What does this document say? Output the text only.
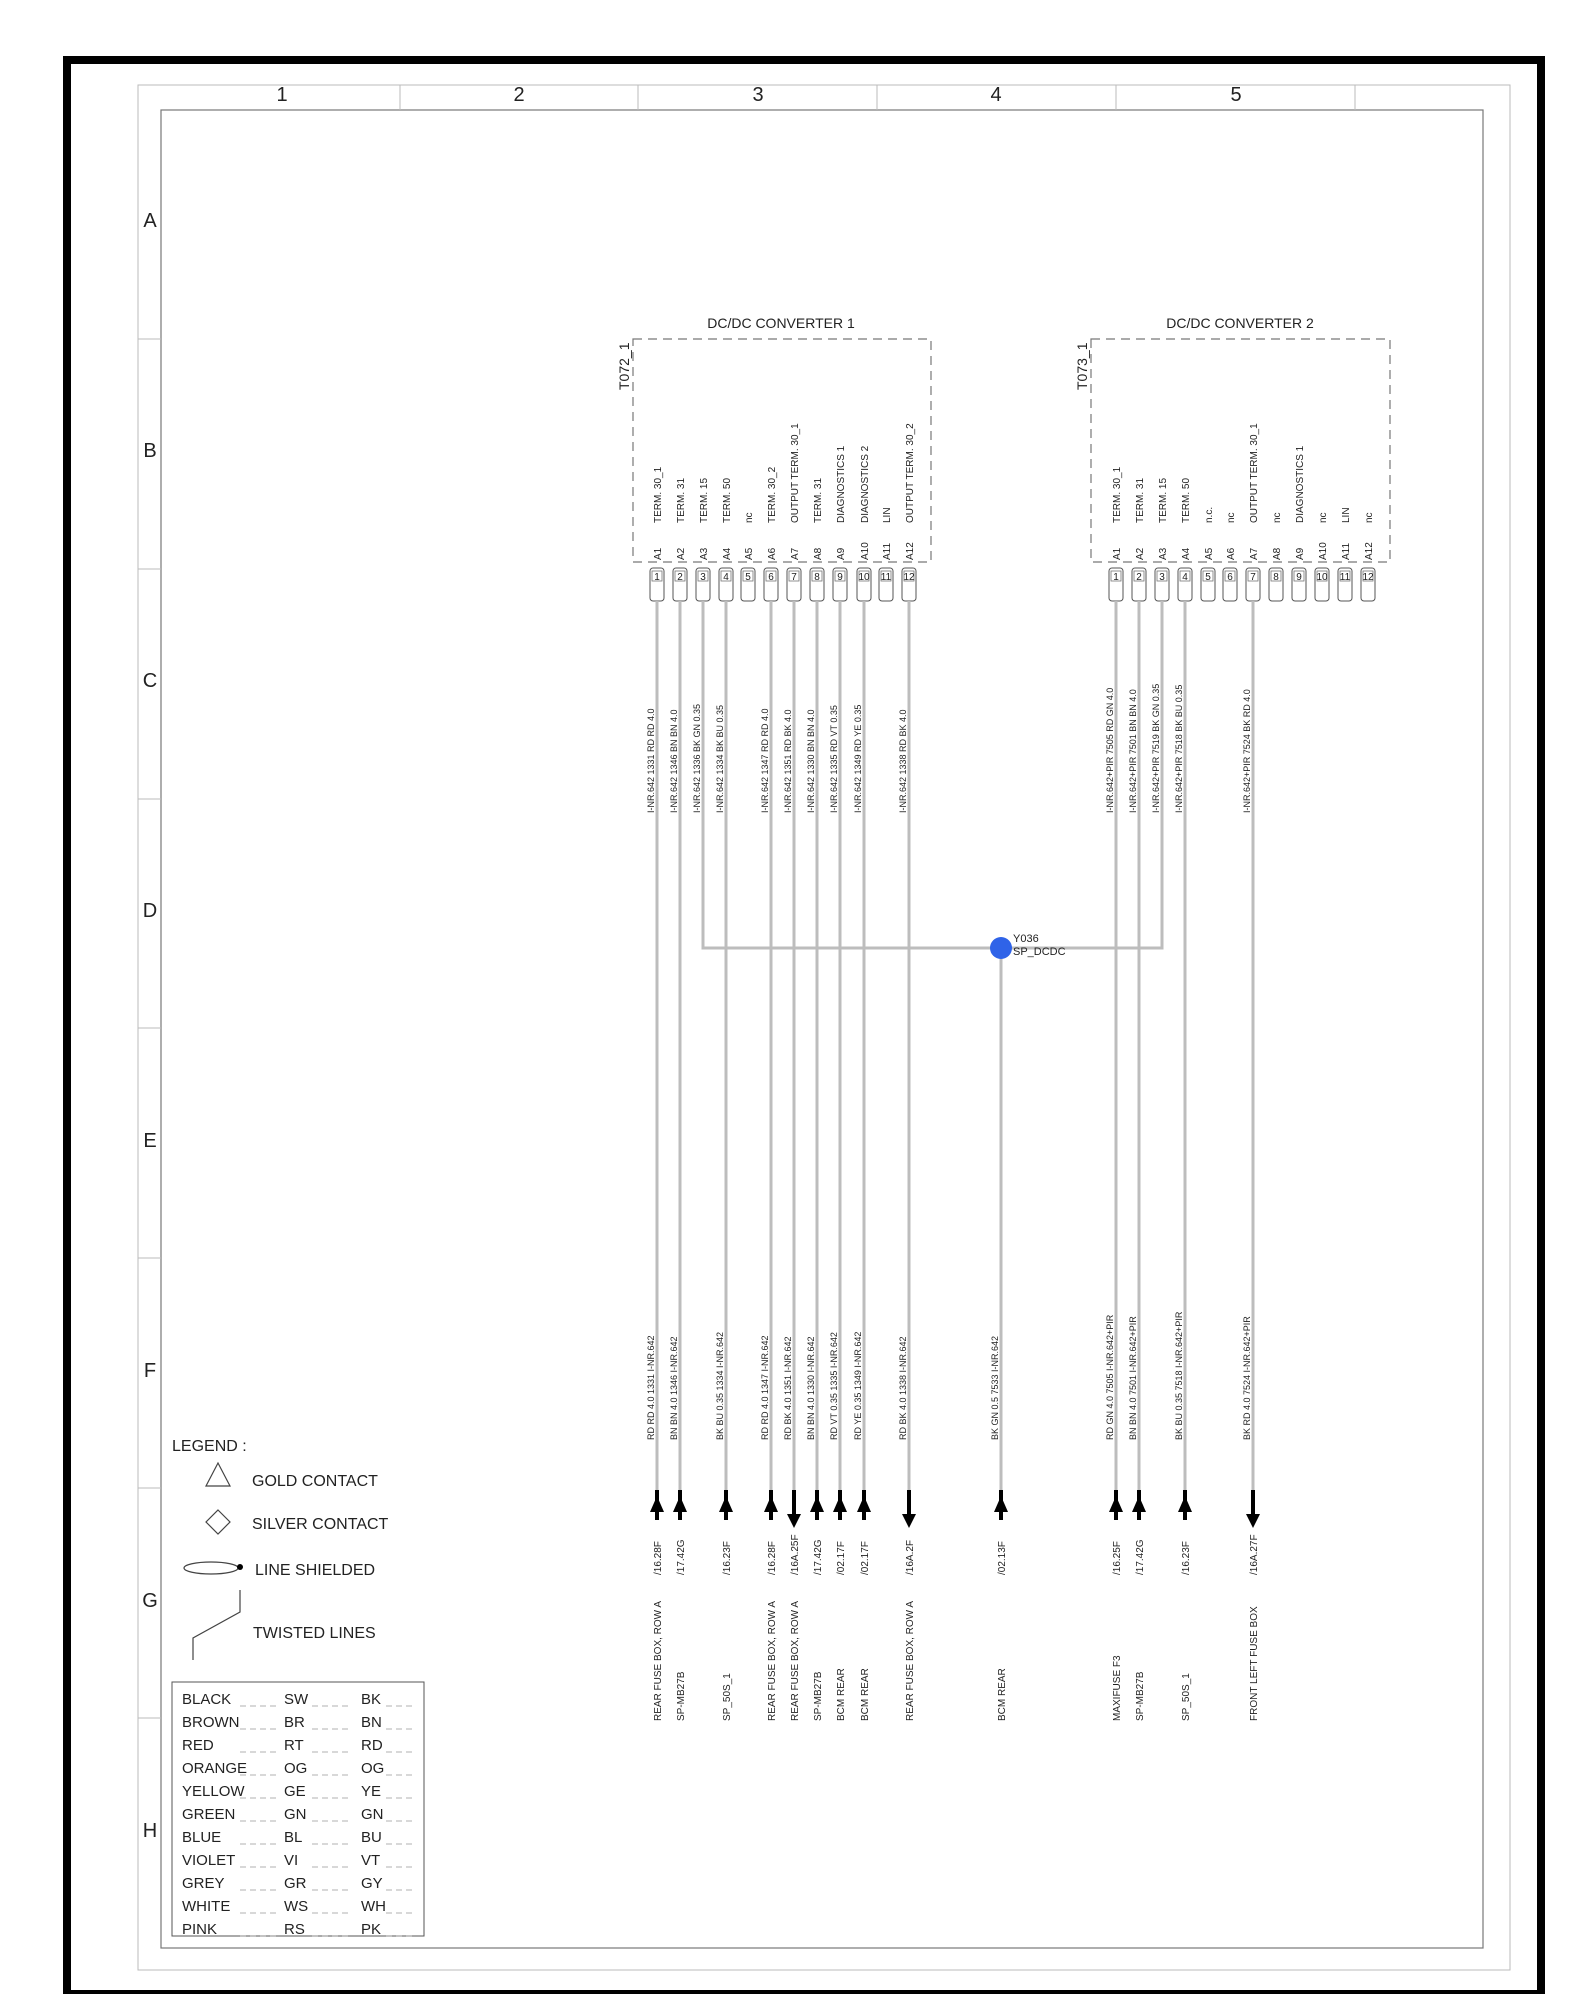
1	2	3	4	5
A
B
C
D
E
F
G
H
DC/DC CONVERTER 1
T072_1
DC/DC CONVERTER 2
T073_1
A1
TERM. 30_1
1
A2
TERM. 31
2
A3
TERM. 15
3
A4
TERM. 50
4
A5
nc
5
A6
TERM. 30_2
6
A7
OUTPUT TERM. 30_1
7
A8
TERM. 31
8
A9
DIAGNOSTICS 1
9
A10
DIAGNOSTICS 2
10
A11
LIN
11
A12
OUTPUT TERM. 30_2
12
A1
TERM. 30_1
1
A2
TERM. 31
2
A3
TERM. 15
3
A4
TERM. 50
4
A5
n.c.
5
A6
nc
6
A7
OUTPUT TERM. 30_1
7
A8
nc
8
A9
DIAGNOSTICS 1
9
A10
nc
10
A11
LIN
11
A12
nc
12
I-NR.642 1331 RD RD 4.0 I-NR.642 1346 BN BN 4.0 I-NR.642 1336 BK GN 0.35 I-NR.642 1334 BK BU 0.35	I-NR.642 1347 RD RD 4.0 I-NR.642 1351 RD BK 4.0 I-NR.642 1330 BN BN 4.0 I-NR.642 1335 RD VT 0.35 I-NR.642 1349 RD YE 0.35	I-NR.642 1338 RD BK 4.0	I-NR.642+PIR 7505 RD GN 4.0 I-NR.642+PIR 7501 BN BN 4.0 I-NR.642+PIR 7519 BK GN 0.35 I-NR.642+PIR 7518 BK BU 0.35	I-NR.642+PIR 7524 BK RD 4.0
Y036
SP_DCDC
RD RD 4.0 1331 I-NR.642
/16.28F
REAR FUSE BOX, ROW A
BN BN 4.0 1346 I-NR.642
/17.42G
SP-MB27B
BK BU 0.35 1334 I-NR.642
/16.23F
SP_50S_1
RD RD 4.0 1347 I-NR.642
/16.28F
REAR FUSE BOX, ROW A
RD BK 4.0 1351 I-NR.642
/16A.25F
REAR FUSE BOX, ROW A
BN BN 4.0 1330 I-NR.642
/17.42G
SP-MB27B
RD VT 0.35 1335 I-NR.642
/02.17F
BCM REAR
RD YE 0.35 1349 I-NR.642
/02.17F
BCM REAR
RD BK 4.0 1338 I-NR.642
/16A.2F
REAR FUSE BOX, ROW A
BK GN 0.5 7533 I-NR.642
/02.13F
BCM REAR
RD GN 4.0 7505 I-NR.642+PIR
/16.25F
MAXIFUSE F3
BN BN 4.0 7501 I-NR.642+PIR
/17.42G
SP-MB27B
BK BU 0.35 7518 I-NR.642+PIR
/16.23F
SP_50S_1
BK RD 4.0 7524 I-NR.642+PIR
/16A.27F
FRONT LEFT FUSE BOX
LEGEND :
GOLD CONTACT
SILVER CONTACT
LINE SHIELDED
TWISTED LINES
BLACK	SW	BK
BROWN	BR	BN
RED	RT	RD
ORANGE OG	OG
YELLOW	GE	YE
GREEN	GN	GN
BLUE	BL	BU
VIOLET	VI	VT
GREY	GR	GY
WHITE	WS	WH
PINK	RS	PK
